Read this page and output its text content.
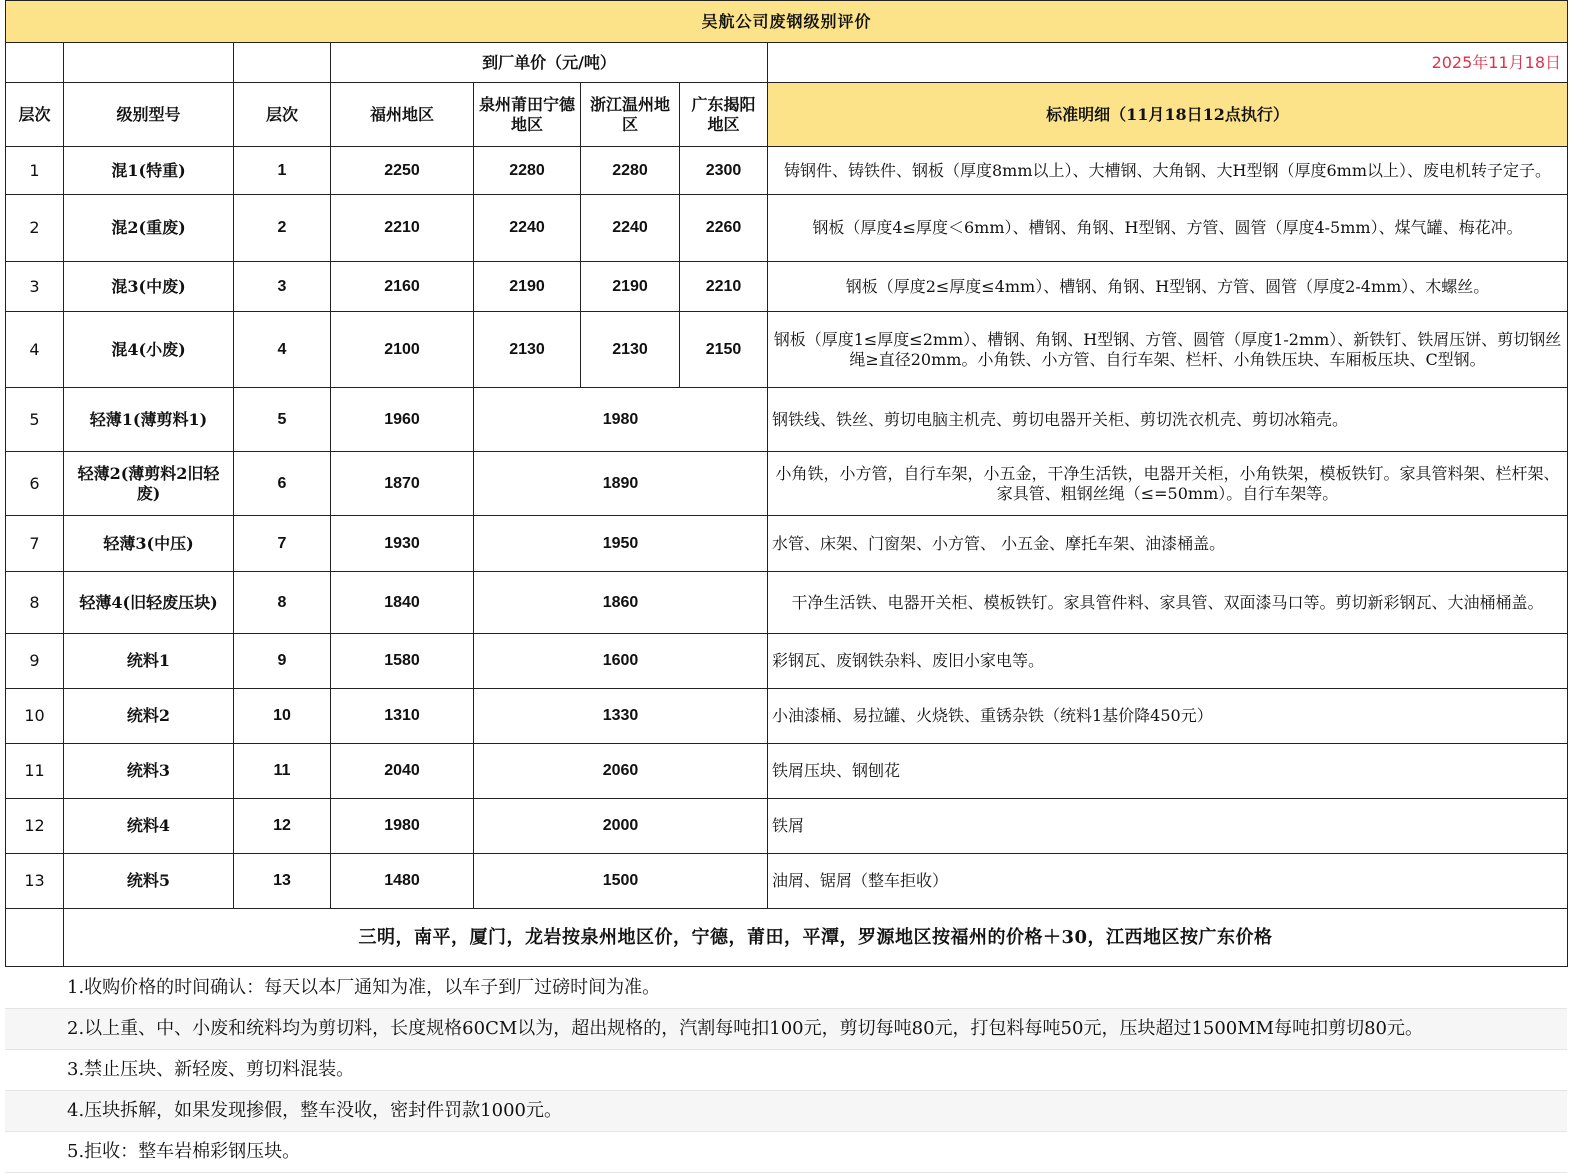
吴航公司废钢级别评价							
			到厂单价（元/吨）				2025年11月18日
层次	级别型号	层次	福州地区	泉州莆田宁德地区	浙江温州地区	广东揭阳地区	标准明细（11月18日12点执行）
1	混1(特重)	1	2250	2280	2280	2300	铸钢件、铸铁件、钢板（厚度8mm以上）、大槽钢、大角钢、大H型钢（厚度6mm以上）、废电机转子定子。
2	混2(重废)	2	2210	2240	2240	2260	钢板（厚度4≤厚度＜6mm）、槽钢、角钢、H型钢、方管、圆管（厚度4-5mm）、煤气罐、梅花冲。
3	混3(中废)	3	2160	2190	2190	2210	钢板（厚度2≤厚度≤4mm）、槽钢、角钢、H型钢、方管、圆管（厚度2-4mm）、木螺丝。
4	混4(小废)	4	2100	2130	2130	2150	钢板（厚度1≤厚度≤2mm）、槽钢、角钢、H型钢、方管、圆管（厚度1-2mm）、新铁钉、铁屑压饼、剪切钢丝绳≥直径20mm。小角铁、小方管、自行车架、栏杆、小角铁压块、车厢板压块、C型钢。
5	轻薄1(薄剪料1)	5	1960	1980			钢铁线、铁丝、剪切电脑主机壳、剪切电器开关柜、剪切洗衣机壳、剪切冰箱壳。
6	轻薄2(薄剪料2旧轻废)	6	1870	1890			小角铁，小方管，自行车架，小五金，干净生活铁，电器开关柜，小角铁架，模板铁钉。家具管料架、栏杆架、家具管、粗钢丝绳（≤=50mm）。自行车架等。
7	轻薄3(中压)	7	1930	1950			水管、床架、门窗架、小方管、 小五金、摩托车架、油漆桶盖。
8	轻薄4(旧轻废压块)	8	1840	1860			干净生活铁、电器开关柜、模板铁钉。家具管件料、家具管、双面漆马口等。剪切新彩钢瓦、大油桶桶盖。
9	统料1	9	1580	1600			彩钢瓦、废钢铁杂料、废旧小家电等。
10	统料2	10	1310	1330			小油漆桶、易拉罐、火烧铁、重锈杂铁（统料1基价降450元）
11	统料3	11	2040	2060			铁屑压块、钢刨花
12	统料4	12	1980	2000			铁屑
13	统料5	13	1480	1500			油屑、锯屑（整车拒收）
	三明，南平，厦门，龙岩按泉州地区价，宁德，莆田，平潭，罗源地区按福州的价格＋30，江西地区按广东价格						
1.收购价格的时间确认：每天以本厂通知为准，以车子到厂过磅时间为准。
2.以上重、中、小废和统料均为剪切料，长度规格60CM以为，超出规格的，汽割每吨扣100元，剪切每吨80元，打包料每吨50元，压块超过1500MM每吨扣剪切80元。
3.禁止压块、新轻废、剪切料混装。
4.压块拆解，如果发现掺假，整车没收，密封件罚款1000元。
5.拒收：整车岩棉彩钢压块。
